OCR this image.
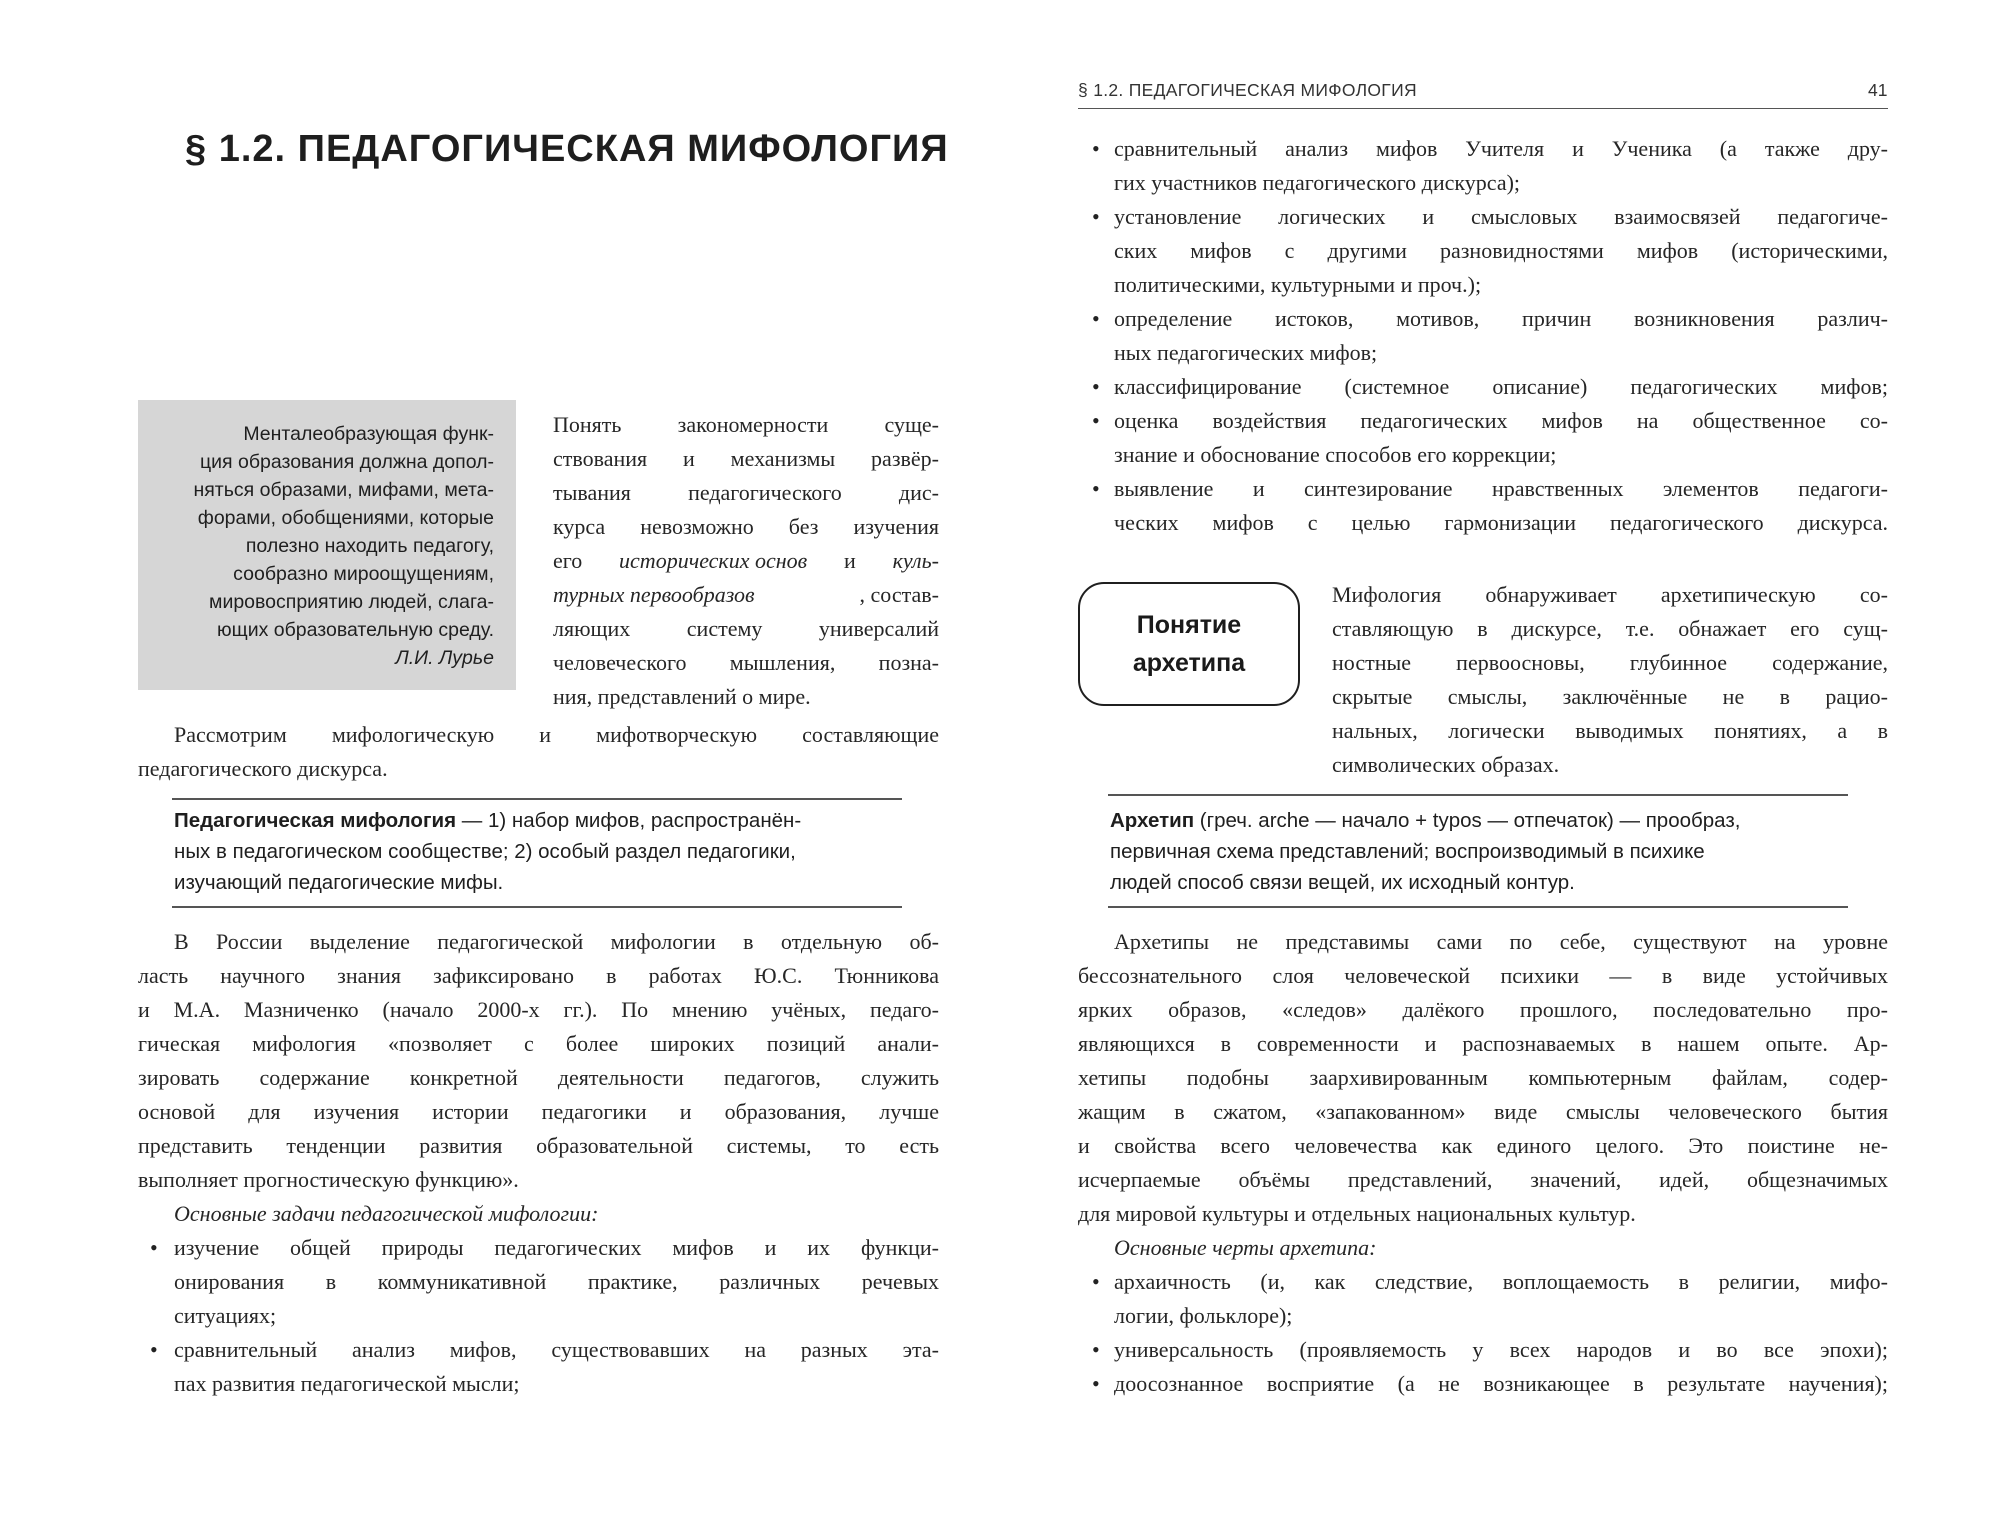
§ 1.2. ПЕДАГОГИЧЕСКАЯ МИФОЛОГИЯ
Менталеобразующая функ-
ция образования должна допол-
няться образами, мифами, мета-
форами, обобщениями, которые
полезно находить педагогу,
сообразно мироощущениям,
мировосприятию людей, слага-
ющих образовательную среду.
Л.И. Лурье
Понять закономерности суще-
ствования и механизмы развёр-
тывания педагогического дис-
курса невозможно без изучения
его исторических основ и куль-
турных первообразов	, состав-
ляющих систему универсалий
человеческого мышления, позна-
ния, представлений о мире.
Рассмотрим мифологическую и мифотворческую составляющие
педагогического дискурса.
Педагогическая мифология — 1) набор мифов, распространён-
ных в педагогическом сообществе; 2) особый раздел педагогики,
изучающий педагогические мифы.
В России выделение педагогической мифологии в отдельную об-
ласть научного знания зафиксировано в работах Ю.С. Тюнникова
и М.А. Мазниченко (начало 2000-х гг.). По мнению учёных, педаго-
гическая мифология «позволяет с более широких позиций анали-
зировать содержание конкретной деятельности педагогов, служить
основой для изучения истории педагогики и образования, лучше
представить тенденции развития образовательной системы, то есть
выполняет прогностическую функцию».
Основные задачи педагогической мифологии:
• изучение общей природы педагогических мифов и их функци-
онирования в коммуникативной практике, различных речевых
ситуациях;
• сравнительный анализ мифов, существовавших на разных эта-
пах развития педагогической мысли;
§ 1.2. ПЕДАГОГИЧЕСКАЯ МИФОЛОГИЯ	41
• сравнительный анализ мифов Учителя и Ученика (а также дру-
гих участников педагогического дискурса);
• установление логических и смысловых взаимосвязей педагогиче-
ских мифов с другими разновидностями мифов (историческими,
политическими, культурными и проч.);
• определение истоков, мотивов, причин возникновения различ-
ных педагогических мифов;
• классифицирование (системное описание) педагогических мифов;
• оценка воздействия педагогических мифов на общественное со-
знание и обоснование способов его коррекции;
• выявление и синтезирование нравственных элементов педагоги-
ческих мифов с целью гармонизации педагогического дискурса.
Понятие
архетипа
Мифология обнаруживает архетипическую со-
ставляющую в дискурсе, т.е. обнажает его сущ-
ностные первоосновы, глубинное содержание,
скрытые смыслы, заключённые не в рацио-
нальных, логически выводимых понятиях, а в
символических образах.
Архетип (греч. arche — начало + typos — отпечаток) — прообраз,
первичная схема представлений; воспроизводимый в психике
людей способ связи вещей, их исходный контур.
Архетипы не представимы сами по себе, существуют на уровне
бессознательного слоя человеческой психики — в виде устойчивых
ярких образов, «следов» далёкого прошлого, последовательно про-
являющихся в современности и распознаваемых в нашем опыте. Ар-
хетипы подобны заархивированным компьютерным файлам, содер-
жащим в сжатом, «запакованном» виде смыслы человеческого бытия
и свойства всего человечества как единого целого. Это поистине не-
исчерпаемые объёмы представлений, значений, идей, общезначимых
для мировой культуры и отдельных национальных культур.
Основные черты архетипа:
• архаичность (и, как следствие, воплощаемость в религии, мифо-
логии, фольклоре);
• универсальность (проявляемость у всех народов и во все эпохи);
• доосознанное восприятие (а не возникающее в результате научения);
